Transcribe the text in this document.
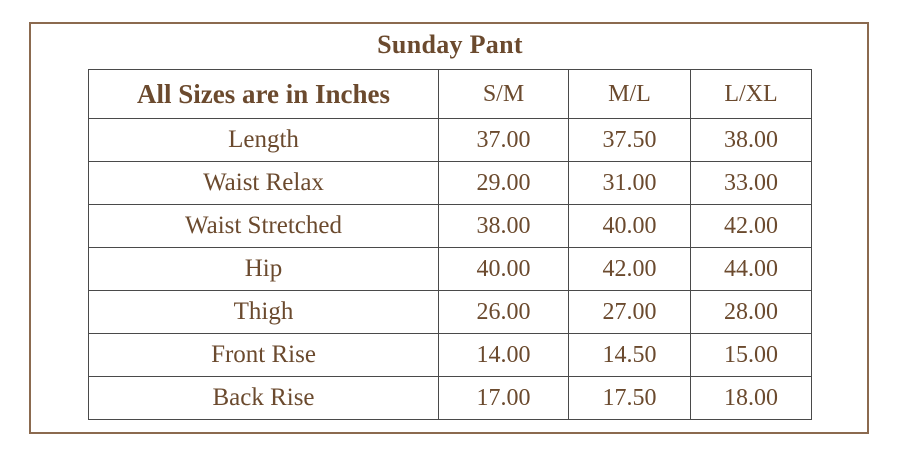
Sunday Pant
All Sizes are in Inches	S/M	M/L	L/XL
Length	37.00	37.50	38.00
Waist Relax	29.00	31.00	33.00
Waist Stretched	38.00	40.00	42.00
Hip	40.00	42.00	44.00
Thigh	26.00	27.00	28.00
Front Rise	14.00	14.50	15.00
Back Rise	17.00	17.50	18.00
